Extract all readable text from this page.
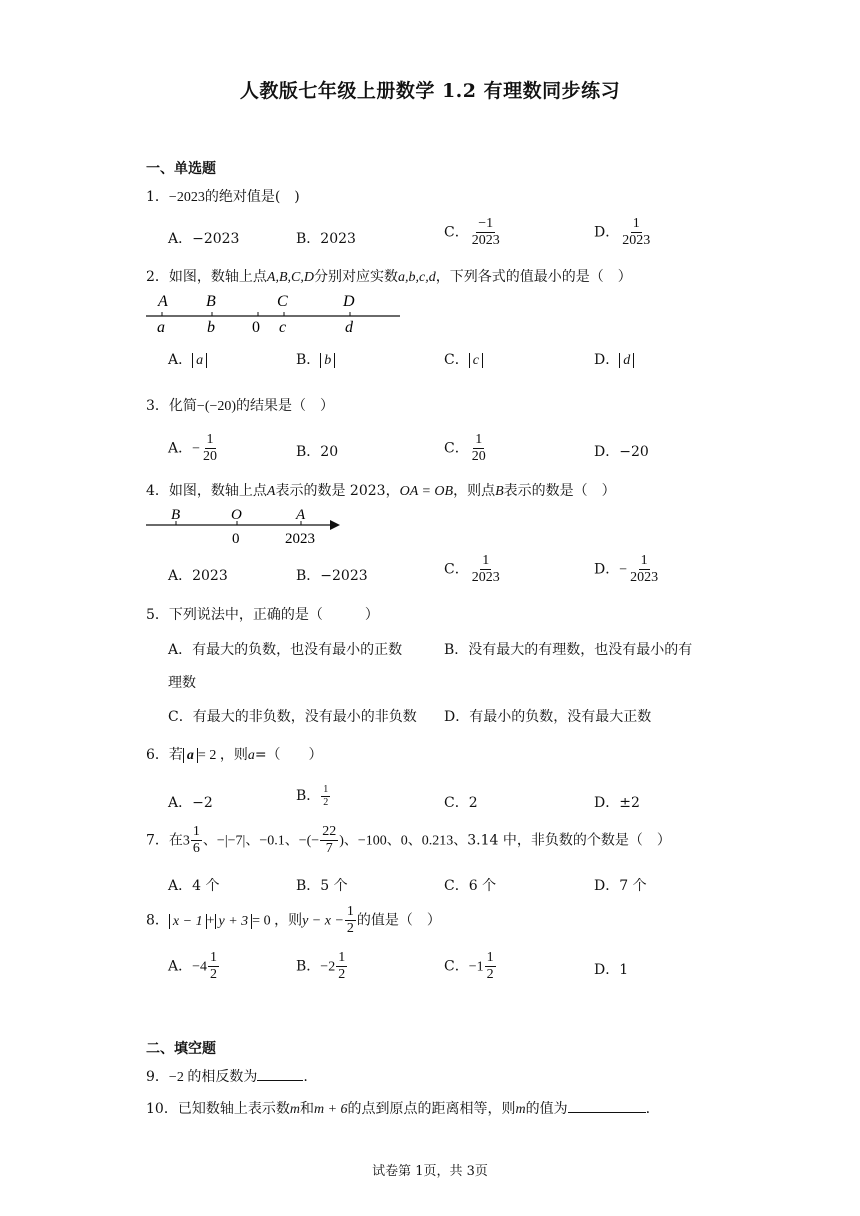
人教版七年级上册数学 1.2 有理数同步练习
一、单选题
1．−2023的绝对值是(　)
A．−2023	B．2023	C． $\frac{-1}{2023}$	D． $\frac{1}{2023}$
2．如图，数轴上点A,B,C,D分别对应实数a,b,c,d，下列各式的值最小的是（　）
A B	C	D
a	b 0 c	d
A． a	B． b	C． c	D． d
3．化简−(−20)的结果是（　）
A．− $\frac{1}{20}$	B．20	C． $\frac{1}{20}$	D．−20
4．如图，数轴上点A表示的数是 2023，OA = OB，则点B表示的数是（　）
B	O	A
0	2023
A．2023	B．−2023	C． $\frac{1}{2023}$	D．− $\frac{1}{2023}$
5．下列说法中，正确的是（　　　）
A．有最大的负数，也没有最小的正数	B．没有最大的有理数，也没有最小的有
理数
C．有最大的非负数，没有最小的非负数 D．有最小的负数，没有最大正数
6．若 a = 2 ，则a=（　　）
A．−2	B． $\frac{1}{2}$	C．2	D．±2
7．在$3 \frac{1}{6}$ 、−|−7|、−0.1、−(− $\frac{22}{7}$ )、−100、0、0.213、3.14 中，非负数的个数是（　）
A．4 个	B．5 个	C．6 个	D．7 个
8． x − 1 + y + 3 = 0 ，则$y - x - \frac{1}{2}$ 的值是（　）
A．$-4 \frac{1}{2}$	B．$-2 \frac{1}{2}$	C．$-1 \frac{1}{2}$	D．1
二、填空题
9．−2 的相反数为	.
10．已知数轴上表示数m和m + 6的点到原点的距离相等，则m的值为	.
试卷第 1页，共 3页
